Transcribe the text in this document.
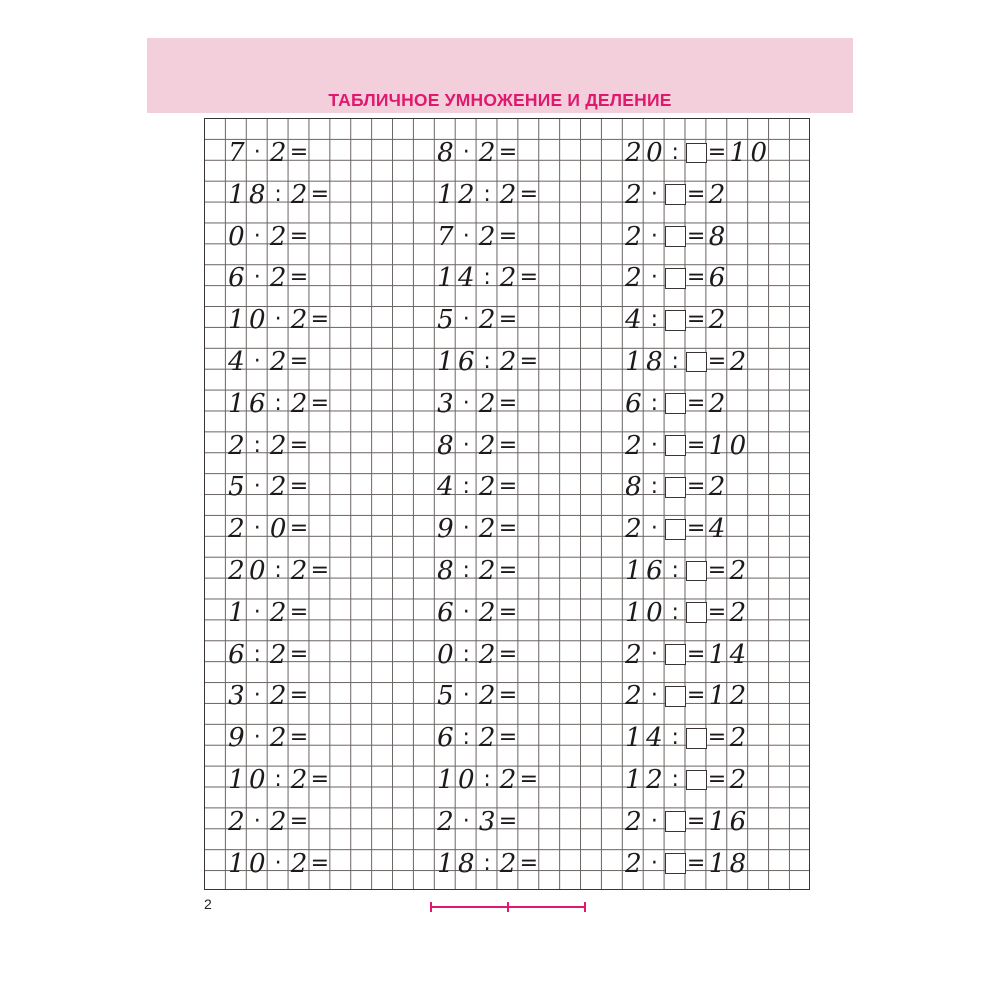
ТАБЛИЧНОЕ УМНОЖЕНИЕ И ДЕЛЕНИЕ
7 · 2 =
1 8 : 2 =
0 · 2 =
6 · 2 =
1 0 · 2 =
4 · 2 =
1 6 : 2 =
2 : 2 =
5 · 2 =
2 · 0 =
2 0 : 2 =
1 · 2 =
6 : 2 =
3 · 2 =
9 · 2 =
1 0 : 2 =
2 · 2 =
1 0 · 2 =
8 · 2 =
1 2 : 2 =
7 · 2 =
1 4 : 2 =
5 · 2 =
1 6 : 2 =
3 · 2 =
8 · 2 =
4 : 2 =
9 · 2 =
8 : 2 =
6 · 2 =
0 : 2 =
5 · 2 =
6 : 2 =
1 0 : 2 =
2 · 3 =
1 8 : 2 =
2 0 :	= 1 0
2 ·	= 2
2 ·	= 8
2 ·	= 6
4 :	= 2
1 8 :	= 2
6 :	= 2
2 ·	= 1 0
8 :	= 2
2 ·	= 4
1 6 :	= 2
1 0 :	= 2
2 ·	= 1 4
2 ·	= 1 2
1 4 :	= 2
1 2 :	= 2
2 ·	= 1 6
2 ·	= 1 8
2
